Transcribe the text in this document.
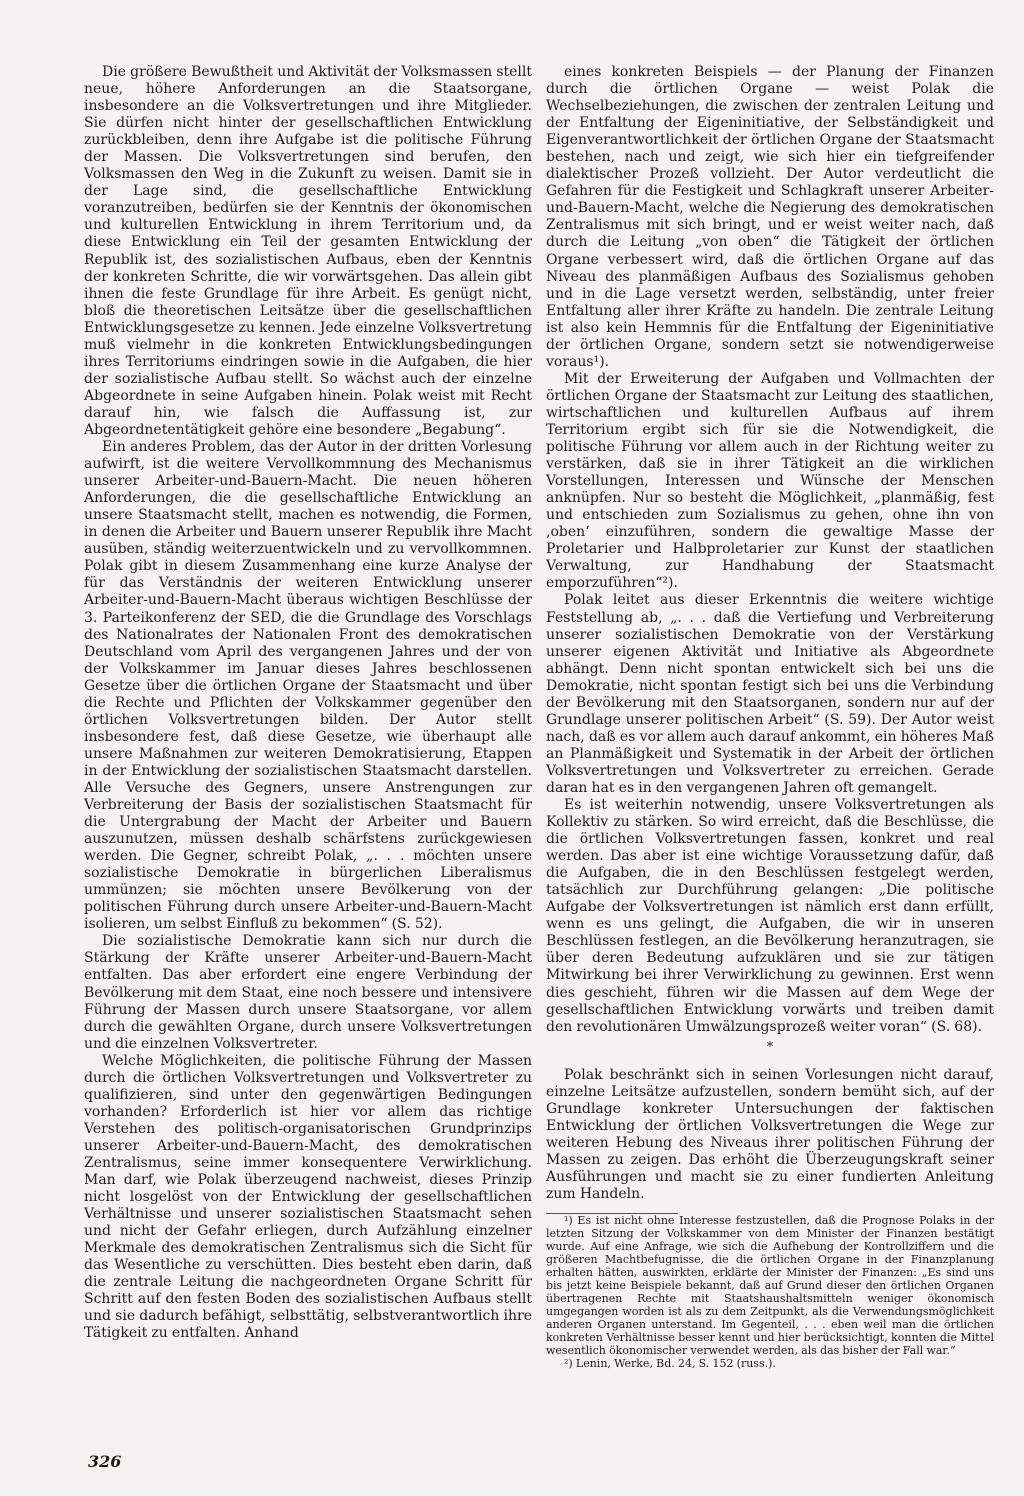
Die größere Bewußtheit und Aktivität der Volksmassen stellt neue, höhere Anforderungen an die Staatsorgane, insbesondere an die Volksvertretungen und ihre Mitglieder. Sie dürfen nicht hinter der gesellschaftlichen Entwicklung zurückbleiben, denn ihre Aufgabe ist die politische Führung der Massen. Die Volksvertretungen sind berufen, den Volksmassen den Weg in die Zukunft zu weisen. Damit sie in der Lage sind, die gesellschaftliche Entwicklung voranzutreiben, bedürfen sie der Kenntnis der ökonomischen und kulturellen Entwicklung in ihrem Territorium und, da diese Entwicklung ein Teil der gesamten Entwicklung der Republik ist, des sozialistischen Aufbaus, eben der Kenntnis der konkreten Schritte, die wir vorwärtsgehen. Das allein gibt ihnen die feste Grundlage für ihre Arbeit. Es genügt nicht, bloß die theoretischen Leitsätze über die gesellschaftlichen Entwicklungsgesetze zu kennen. Jede einzelne Volksvertretung muß vielmehr in die konkreten Entwicklungsbedingungen ihres Territoriums eindringen sowie in die Aufgaben, die hier der sozialistische Aufbau stellt. So wächst auch der einzelne Abgeordnete in seine Aufgaben hinein. Polak weist mit Recht darauf hin, wie falsch die Auffassung ist, zur Abgeordnetentätigkeit gehöre eine besondere „Begabung“.

Ein anderes Problem, das der Autor in der dritten Vorlesung aufwirft, ist die weitere Vervollkommnung des Mechanismus unserer Arbeiter-und-Bauern-Macht. Die neuen höheren Anforderungen, die die gesellschaftliche Entwicklung an unsere Staatsmacht stellt, machen es notwendig, die Formen, in denen die Arbeiter und Bauern unserer Republik ihre Macht ausüben, ständig weiterzuentwickeln und zu vervollkommnen. Polak gibt in diesem Zusammenhang eine kurze Analyse der für das Verständnis der weiteren Entwicklung unserer Arbeiter-und-Bauern-Macht überaus wichtigen Beschlüsse der 3. Parteikonferenz der SED, die die Grundlage des Vorschlags des Nationalrates der Nationalen Front des demokratischen Deutschland vom April des vergangenen Jahres und der von der Volkskammer im Januar dieses Jahres beschlossenen Gesetze über die örtlichen Organe der Staatsmacht und über die Rechte und Pflichten der Volkskammer gegenüber den örtlichen Volksvertretungen bilden. Der Autor stellt insbesondere fest, daß diese Gesetze, wie überhaupt alle unsere Maßnahmen zur weiteren Demokratisierung, Etappen in der Entwicklung der sozialistischen Staatsmacht darstellen. Alle Versuche des Gegners, unsere Anstrengungen zur Verbreiterung der Basis der sozialistischen Staatsmacht für die Untergrabung der Macht der Arbeiter und Bauern auszunutzen, müssen deshalb schärfstens zurückgewiesen werden. Die Gegner, schreibt Polak, „. . . möchten unsere sozialistische Demokratie in bürgerlichen Liberalismus ummünzen; sie möchten unsere Bevölkerung von der politischen Führung durch unsere Arbeiter-und-Bauern-Macht isolieren, um selbst Einfluß zu bekommen“ (S. 52).

Die sozialistische Demokratie kann sich nur durch die Stärkung der Kräfte unserer Arbeiter-und-Bauern-Macht entfalten. Das aber erfordert eine engere Verbindung der Bevölkerung mit dem Staat, eine noch bessere und intensivere Führung der Massen durch unsere Staatsorgane, vor allem durch die gewählten Organe, durch unsere Volksvertretungen und die einzelnen Volksvertreter.

Welche Möglichkeiten, die politische Führung der Massen durch die örtlichen Volksvertretungen und Volksvertreter zu qualifizieren, sind unter den gegenwärtigen Bedingungen vorhanden? Erforderlich ist hier vor allem das richtige Verstehen des politisch-organisatorischen Grundprinzips unserer Arbeiter-und-Bauern-Macht, des demokratischen Zentralismus, seine immer konsequentere Verwirklichung. Man darf, wie Polak überzeugend nachweist, dieses Prinzip nicht losgelöst von der Entwicklung der gesellschaftlichen Verhältnisse und unserer sozialistischen Staatsmacht sehen und nicht der Gefahr erliegen, durch Aufzählung einzelner Merkmale des demokratischen Zentralismus sich die Sicht für das Wesentliche zu verschütten. Dies besteht eben darin, daß die zentrale Leitung die nachgeordneten Organe Schritt für Schritt auf den festen Boden des sozialistischen Aufbaus stellt und sie dadurch befähigt, selbsttätig, selbstverantwortlich ihre Tätigkeit zu entfalten. Anhand

eines konkreten Beispiels — der Planung der Finanzen durch die örtlichen Organe — weist Polak die Wechselbeziehungen, die zwischen der zentralen Leitung und der Entfaltung der Eigeninitiative, der Selbständigkeit und Eigenverantwortlichkeit der örtlichen Organe der Staatsmacht bestehen, nach und zeigt, wie sich hier ein tiefgreifender dialektischer Prozeß vollzieht. Der Autor verdeutlicht die Gefahren für die Festigkeit und Schlagkraft unserer Arbeiter-und-Bauern-Macht, welche die Negierung des demokratischen Zentralismus mit sich bringt, und er weist weiter nach, daß durch die Leitung „von oben“ die Tätigkeit der örtlichen Organe verbessert wird, daß die örtlichen Organe auf das Niveau des planmäßigen Aufbaus des Sozialismus gehoben und in die Lage versetzt werden, selbständig, unter freier Entfaltung aller ihrer Kräfte zu handeln. Die zentrale Leitung ist also kein Hemmnis für die Entfaltung der Eigeninitiative der örtlichen Organe, sondern setzt sie notwendigerweise voraus¹).

Mit der Erweiterung der Aufgaben und Vollmachten der örtlichen Organe der Staatsmacht zur Leitung des staatlichen, wirtschaftlichen und kulturellen Aufbaus auf ihrem Territorium ergibt sich für sie die Notwendigkeit, die politische Führung vor allem auch in der Richtung weiter zu verstärken, daß sie in ihrer Tätigkeit an die wirklichen Vorstellungen, Interessen und Wünsche der Menschen anknüpfen. Nur so besteht die Möglichkeit, „planmäßig, fest und entschieden zum Sozialismus zu gehen, ohne ihn von ‚oben‘ einzuführen, sondern die gewaltige Masse der Proletarier und Halbproletarier zur Kunst der staatlichen Verwaltung, zur Handhabung der Staatsmacht emporzuführen“²).

Polak leitet aus dieser Erkenntnis die weitere wichtige Feststellung ab, „. . . daß die Vertiefung und Verbreiterung unserer sozialistischen Demokratie von der Verstärkung unserer eigenen Aktivität und Initiative als Abgeordnete abhängt. Denn nicht spontan entwickelt sich bei uns die Demokratie, nicht spontan festigt sich bei uns die Verbindung der Bevölkerung mit den Staatsorganen, sondern nur auf der Grundlage unserer politischen Arbeit“ (S. 59). Der Autor weist nach, daß es vor allem auch darauf ankommt, ein höheres Maß an Planmäßigkeit und Systematik in der Arbeit der örtlichen Volksvertretungen und Volksvertreter zu erreichen. Gerade daran hat es in den vergangenen Jahren oft gemangelt.

Es ist weiterhin notwendig, unsere Volksvertretungen als Kollektiv zu stärken. So wird erreicht, daß die Beschlüsse, die die örtlichen Volksvertretungen fassen, konkret und real werden. Das aber ist eine wichtige Voraussetzung dafür, daß die Aufgaben, die in den Beschlüssen festgelegt werden, tatsächlich zur Durchführung gelangen: „Die politische Aufgabe der Volksvertretungen ist nämlich erst dann erfüllt, wenn es uns gelingt, die Aufgaben, die wir in unseren Beschlüssen festlegen, an die Bevölkerung heranzutragen, sie über deren Bedeutung aufzuklären und sie zur tätigen Mitwirkung bei ihrer Verwirklichung zu gewinnen. Erst wenn dies geschieht, führen wir die Massen auf dem Wege der gesellschaftlichen Entwicklung vorwärts und treiben damit den revolutionären Umwälzungsprozeß weiter voran“ (S. 68).

*

Polak beschränkt sich in seinen Vorlesungen nicht darauf, einzelne Leitsätze aufzustellen, sondern bemüht sich, auf der Grundlage konkreter Untersuchungen der faktischen Entwicklung der örtlichen Volksvertretungen die Wege zur weiteren Hebung des Niveaus ihrer politischen Führung der Massen zu zeigen. Das erhöht die Überzeugungskraft seiner Ausführungen und macht sie zu einer fundierten Anleitung zum Handeln.

¹) Es ist nicht ohne Interesse festzustellen, daß die Prognose Polaks in der letzten Sitzung der Volkskammer von dem Minister der Finanzen bestätigt wurde. Auf eine Anfrage, wie sich die Aufhebung der Kontrollziffern und die größeren Machtbefugnisse, die die örtlichen Organe in der Finanzplanung erhalten hätten, auswirkten, erklärte der Minister der Finanzen: „Es sind uns bis jetzt keine Beispiele bekannt, daß auf Grund dieser den örtlichen Organen übertragenen Rechte mit Staatshaushaltsmitteln weniger ökonomisch umgegangen worden ist als zu dem Zeitpunkt, als die Verwendungsmöglichkeit anderen Organen unterstand. Im Gegenteil, . . . eben weil man die örtlichen konkreten Verhältnisse besser kennt und hier berücksichtigt, konnten die Mittel wesentlich ökonomischer verwendet werden, als das bisher der Fall war.“

²) Lenin, Werke, Bd. 24, S. 152 (russ.).

326
